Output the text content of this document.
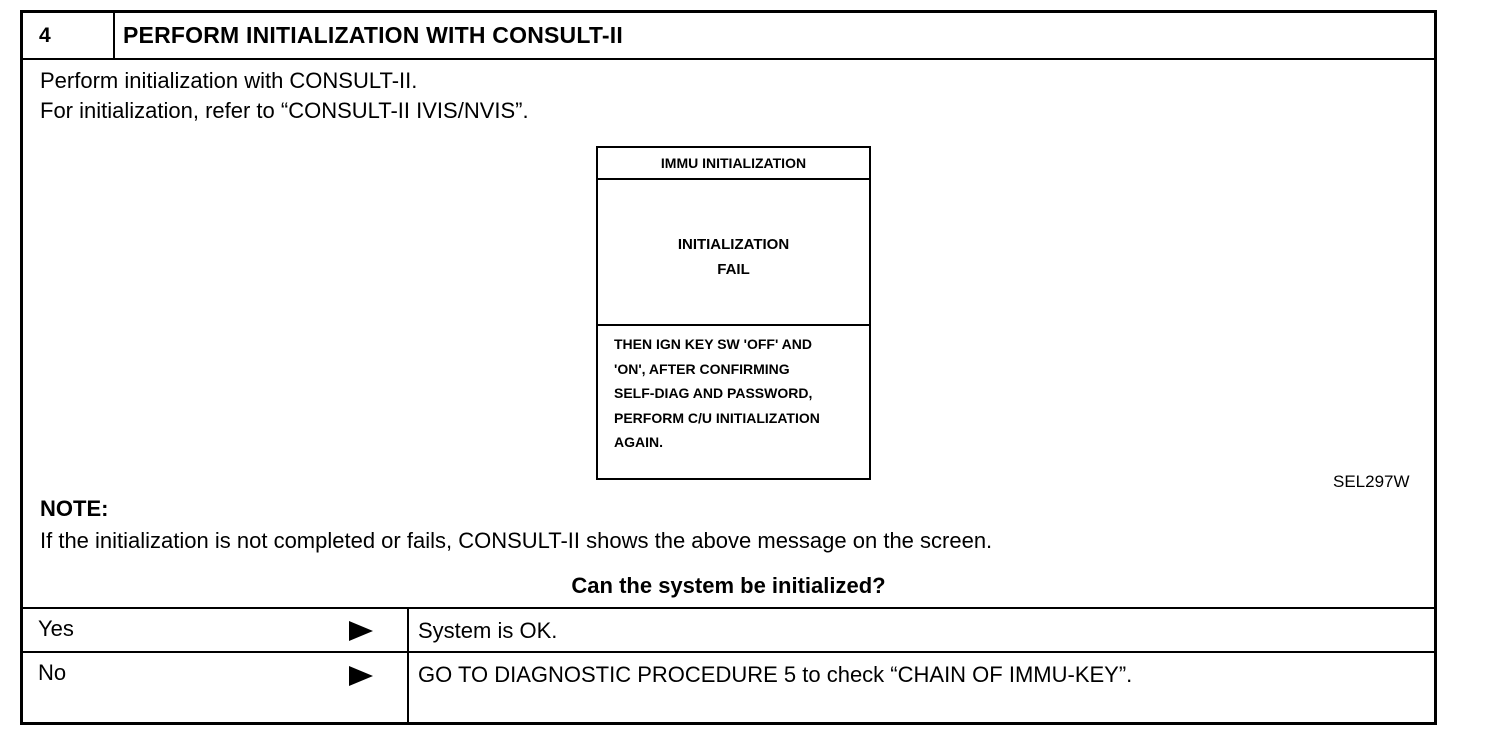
4	PERFORM INITIALIZATION WITH CONSULT-II
Perform initialization with CONSULT-II.
For initialization, refer to “CONSULT-II IVIS/NVIS”.
IMMU INITIALIZATION
INITIALIZATION
FAIL
THEN IGN KEY SW 'OFF' AND
'ON', AFTER CONFIRMING
SELF-DIAG AND PASSWORD,
PERFORM C/U INITIALIZATION
AGAIN.
SEL297W
NOTE:
If the initialization is not completed or fails, CONSULT-II shows the above message on the screen.
Can the system be initialized?
Yes	System is OK.
No	GO TO DIAGNOSTIC PROCEDURE 5 to check “CHAIN OF IMMU-KEY”.
